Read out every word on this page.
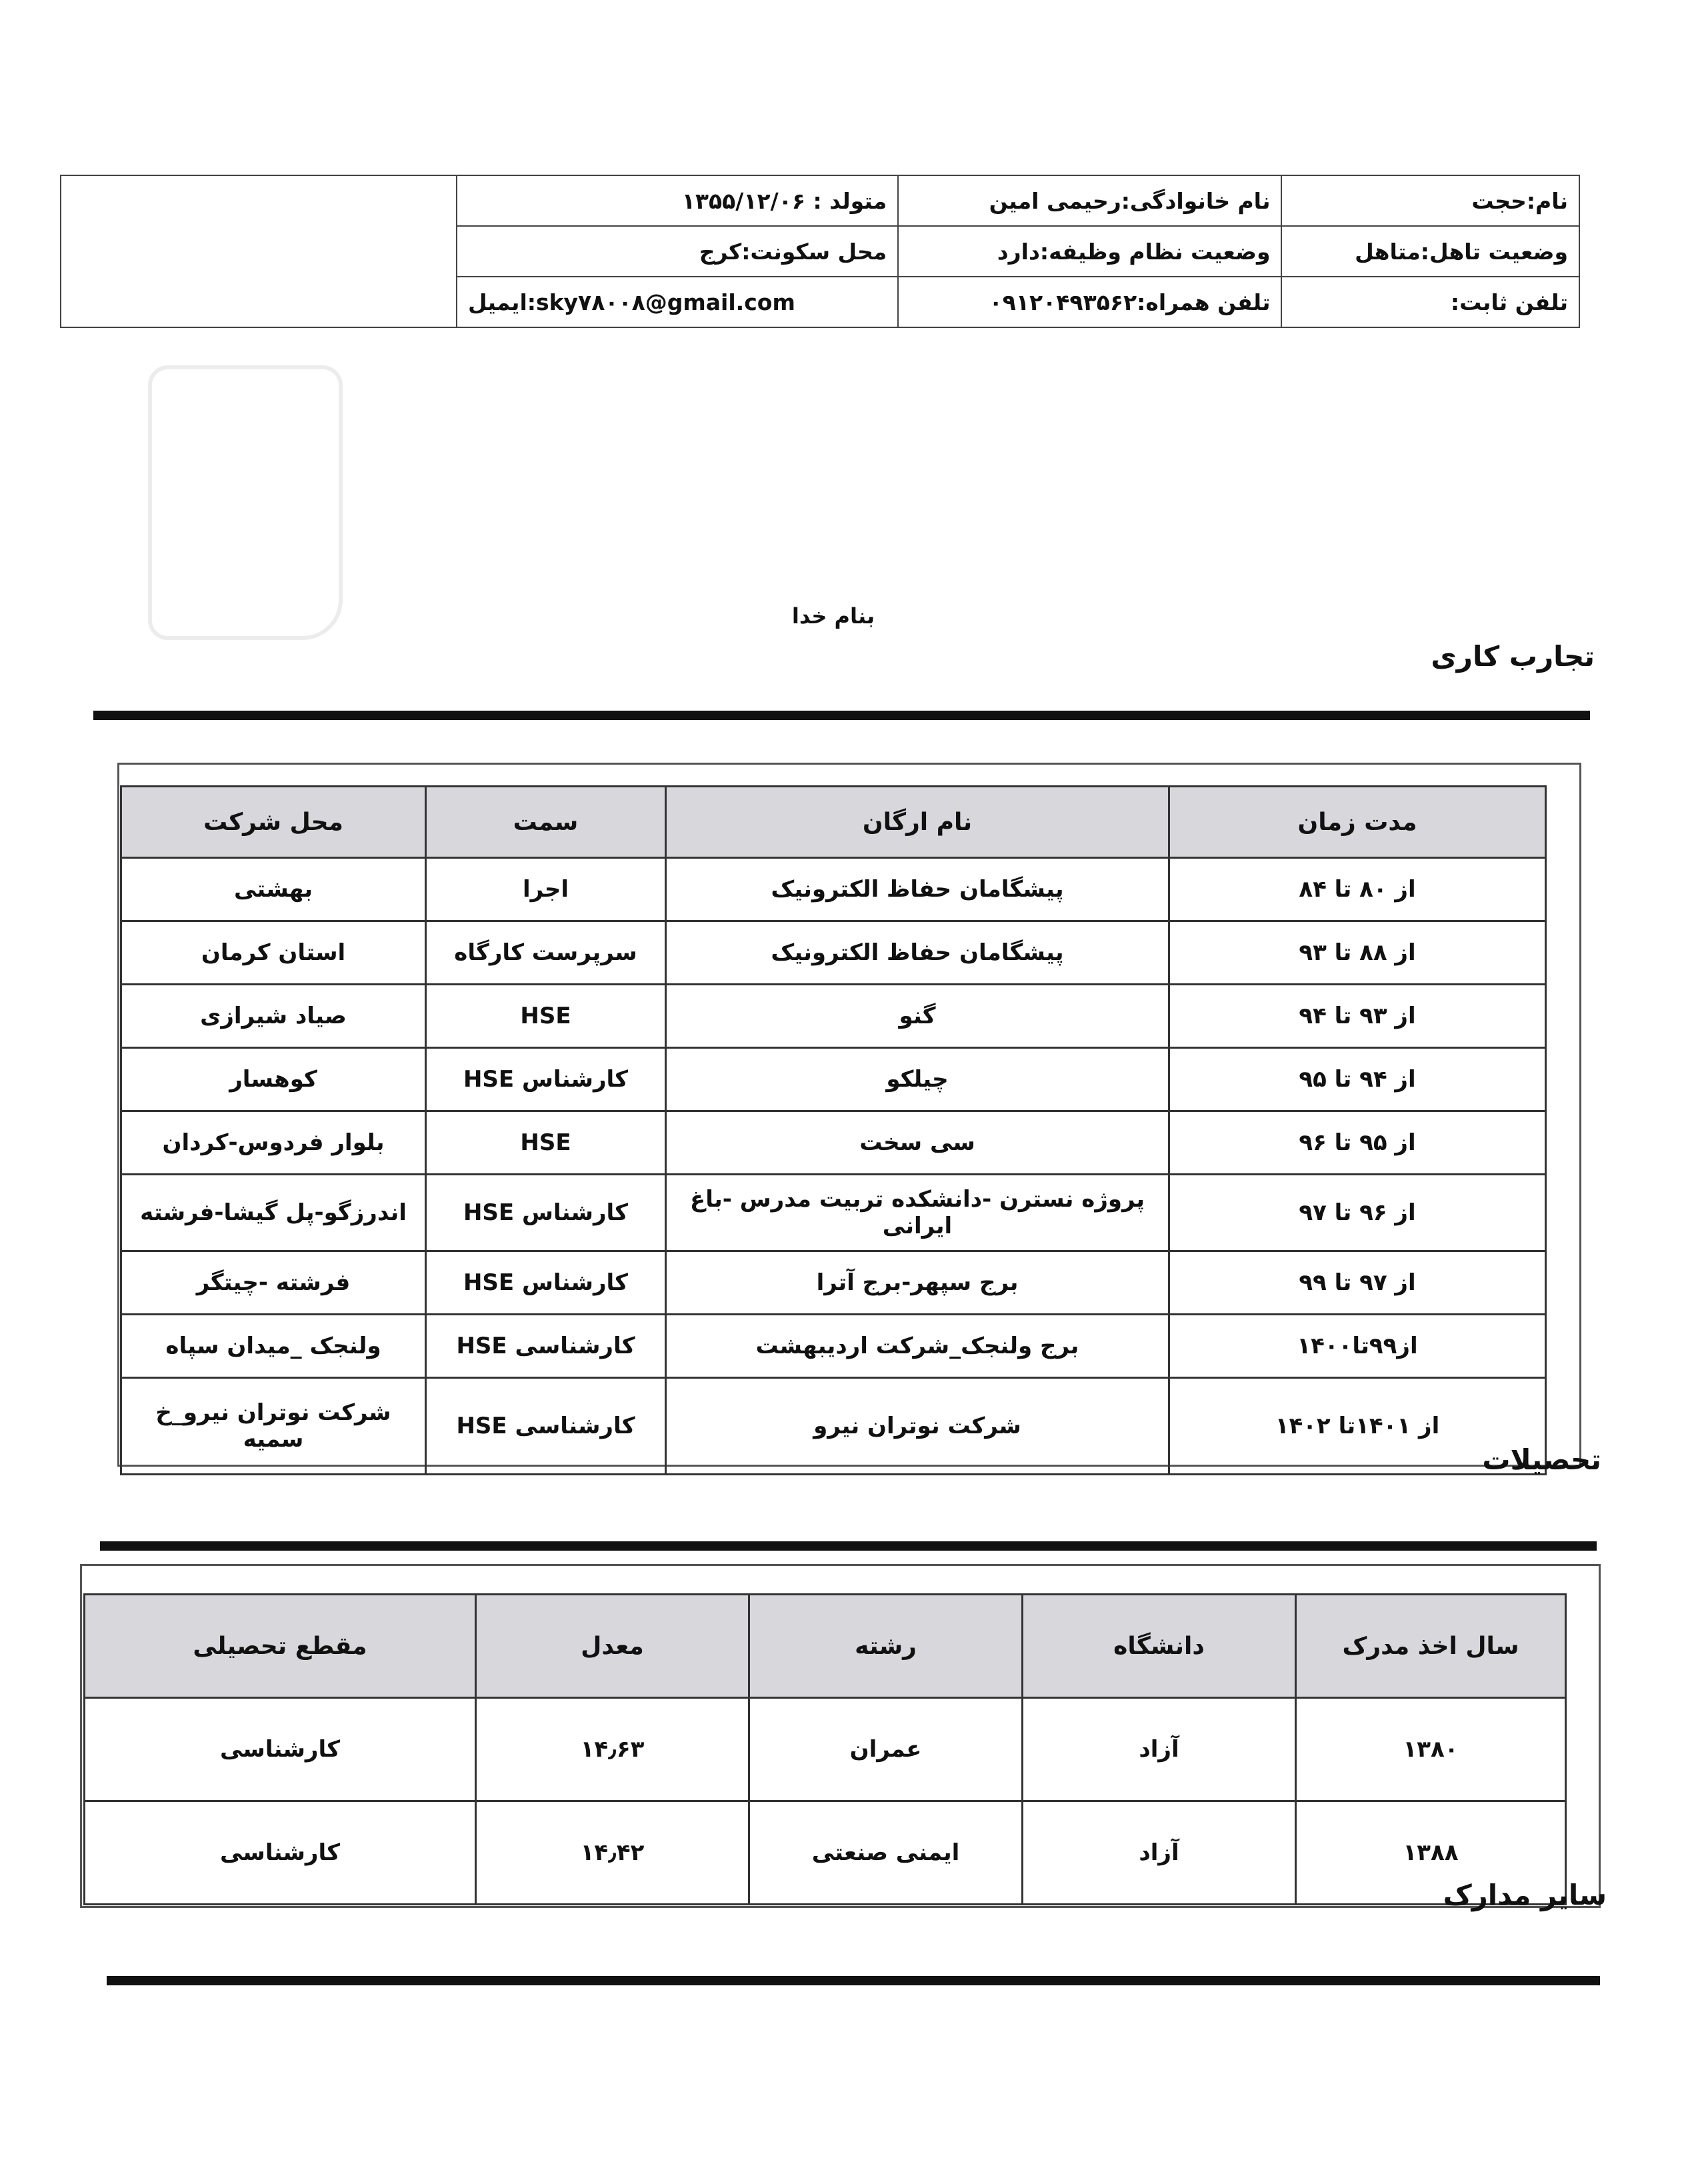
	متولد : ۱۳۵۵/۱۲/۰۶	نام خانوادگی:رحیمی امین	نام:حجت
	محل سکونت:کرج	وضعیت نظام وظیفه:دارد	وضعیت تاهل:متاهل
	ایمیل:sky۷۸۰۰۸@gmail.com	تلفن همراه:۰۹۱۲۰۴۹۳۵۶۲	تلفن ثابت:
بنام خدا
تجارب کاری
مدت زمان	نام ارگان	سمت	محل شرکت
از ۸۰ تا ۸۴	پیشگامان حفاظ الکترونیک	اجرا	بهشتی
از ۸۸ تا ۹۳	پیشگامان حفاظ الکترونیک	سرپرست کارگاه	استان کرمان
از ۹۳ تا ۹۴	گنو	HSE	صیاد شیرازی
از ۹۴ تا ۹۵	چیلکو	کارشناس HSE	کوهسار
از ۹۵ تا ۹۶	سی سخت	HSE	بلوار فردوس-کردان
از ۹۶ تا ۹۷	پروژه نسترن -دانشکده تربیت مدرس -باغ ایرانی	کارشناس HSE	اندرزگو-پل گیشا-فرشته
از ۹۷ تا ۹۹	برج سپهر-برج آترا	کارشناس HSE	فرشته -چیتگر
از۹۹تا۱۴۰۰	برج ولنجک_شرکت اردیبهشت	کارشناسی HSE	ولنجک _میدان سپاه
از ۱۴۰۱تا ۱۴۰۲	شرکت نوتران نیرو	کارشناسی HSE	شرکت نوتران نیرو_خ سمیه
تحصیلات
سال اخذ مدرک	دانشگاه	رشته	معدل	مقطع تحصیلی
۱۳۸۰	آزاد	عمران	۱۴٫۶۳	کارشناسی
۱۳۸۸	آزاد	ایمنی صنعتی	۱۴٫۴۲	کارشناسی
سایر مدارک
